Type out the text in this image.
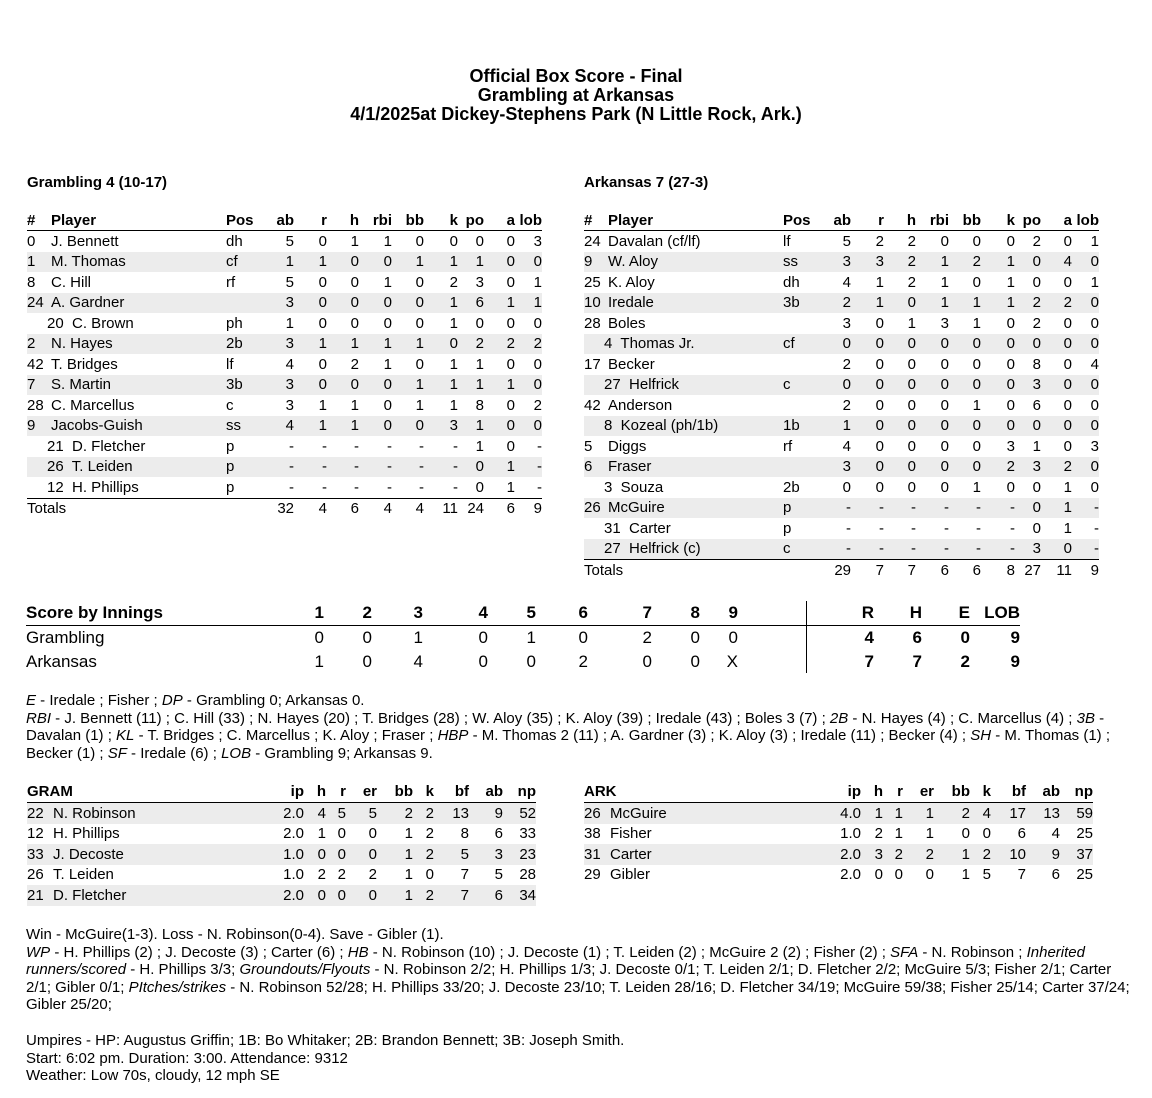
Official Box Score - Final
Grambling at Arkansas
4/1/2025at Dickey-Stephens Park (N Little Rock, Ark.)
Grambling 4 (10-17)	Arkansas 7 (27-3)
#	Player	Pos	ab	r	h	rbi	bb	k	po	a	lob
0	J. Bennett	dh	5	0	1	1	0	0	0	0	3
1	M. Thomas	cf	1	1	0	0	1	1	1	0	0
8	C. Hill	rf	5	0	0	1	0	2	3	0	1
24	A. Gardner		3	0	0	0	0	1	6	1	1
20  C. Brown		ph	1	0	0	0	0	1	0	0	0
2	N. Hayes	2b	3	1	1	1	1	0	2	2	2
42	T. Bridges	lf	4	0	2	1	0	1	1	0	0
7	S. Martin	3b	3	0	0	0	1	1	1	1	0
28	C. Marcellus	c	3	1	1	0	1	1	8	0	2
9	Jacobs-Guish	ss	4	1	1	0	0	3	1	0	0
21  D. Fletcher		p	-	-	-	-	-	-	1	0	-
26  T. Leiden		p	-	-	-	-	-	-	0	1	-
12  H. Phillips		p	-	-	-	-	-	-	0	1	-
Totals			32	4	6	4	4	11	24	6	9
#	Player	Pos	ab	r	h	rbi	bb	k	po	a	lob
24	Davalan (cf/lf)	lf	5	2	2	0	0	0	2	0	1
9	W. Aloy	ss	3	3	2	1	2	1	0	4	0
25	K. Aloy	dh	4	1	2	1	0	1	0	0	1
10	Iredale	3b	2	1	0	1	1	1	2	2	0
28	Boles		3	0	1	3	1	0	2	0	0
4  Thomas Jr.		cf	0	0	0	0	0	0	0	0	0
17	Becker		2	0	0	0	0	0	8	0	4
27  Helfrick		c	0	0	0	0	0	0	3	0	0
42	Anderson		2	0	0	0	1	0	6	0	0
8  Kozeal (ph/1b)		1b	1	0	0	0	0	0	0	0	0
5	Diggs	rf	4	0	0	0	0	3	1	0	3
6	Fraser		3	0	0	0	0	2	3	2	0
3  Souza		2b	0	0	0	0	1	0	0	1	0
26	McGuire	p	-	-	-	-	-	-	0	1	-
31  Carter		p	-	-	-	-	-	-	0	1	-
27  Helfrick (c)		c	-	-	-	-	-	-	3	0	-
Totals			29	7	7	6	6	8	27	11	9
Score by Innings	1	2	3	4	5	6	7	8	9		R	H	E	LOB
Grambling	0	0	1	0	1	0	2	0	0		4	6	0	9
Arkansas	1	0	4	0	0	2	0	0	X		7	7	2	9
E - Iredale ; Fisher ; DP - Grambling 0; Arkansas 0.
RBI - J. Bennett (11) ; C. Hill (33) ; N. Hayes (20) ; T. Bridges (28) ; W. Aloy (35) ; K. Aloy (39) ; Iredale (43) ; Boles 3 (7) ; 2B - N. Hayes (4) ; C. Marcellus (4) ; 3B - Davalan (1) ; KL - T. Bridges ; C. Marcellus ; K. Aloy ; Fraser ; HBP - M. Thomas 2 (11) ; A. Gardner (3) ; K. Aloy (3) ; Iredale (11) ; Becker (4) ; SH - M. Thomas (1) ; Becker (1) ; SF - Iredale (6) ; LOB - Grambling 9; Arkansas 9.
GRAM		ip	h	r	er	bb	k	bf	ab	np
22	N. Robinson	2.0	4	5	5	2	2	13	9	52
12	H. Phillips	2.0	1	0	0	1	2	8	6	33
33	J. Decoste	1.0	0	0	0	1	2	5	3	23
26	T. Leiden	1.0	2	2	2	1	0	7	5	28
21	D. Fletcher	2.0	0	0	0	1	2	7	6	34
ARK		ip	h	r	er	bb	k	bf	ab	np
26	McGuire	4.0	1	1	1	2	4	17	13	59
38	Fisher	1.0	2	1	1	0	0	6	4	25
31	Carter	2.0	3	2	2	1	2	10	9	37
29	Gibler	2.0	0	0	0	1	5	7	6	25
Win - McGuire(1-3). Loss - N. Robinson(0-4). Save - Gibler (1).
WP - H. Phillips (2) ; J. Decoste (3) ; Carter (6) ; HB - N. Robinson (10) ; J. Decoste (1) ; T. Leiden (2) ; McGuire 2 (2) ; Fisher (2) ; SFA - N. Robinson ; Inherited runners/scored - H. Phillips 3/3; Groundouts/Flyouts - N. Robinson 2/2; H. Phillips 1/3; J. Decoste 0/1; T. Leiden 2/1; D. Fletcher 2/2; McGuire 5/3; Fisher 2/1; Carter 2/1; Gibler 0/1; PItches/strikes - N. Robinson 52/28; H. Phillips 33/20; J. Decoste 23/10; T. Leiden 28/16; D. Fletcher 34/19; McGuire 59/38; Fisher 25/14; Carter 37/24; Gibler 25/20;
Umpires - HP: Augustus Griffin; 1B: Bo Whitaker; 2B: Brandon Bennett; 3B: Joseph Smith.
Start: 6:02 pm. Duration: 3:00. Attendance: 9312
Weather: Low 70s, cloudy, 12 mph SE
